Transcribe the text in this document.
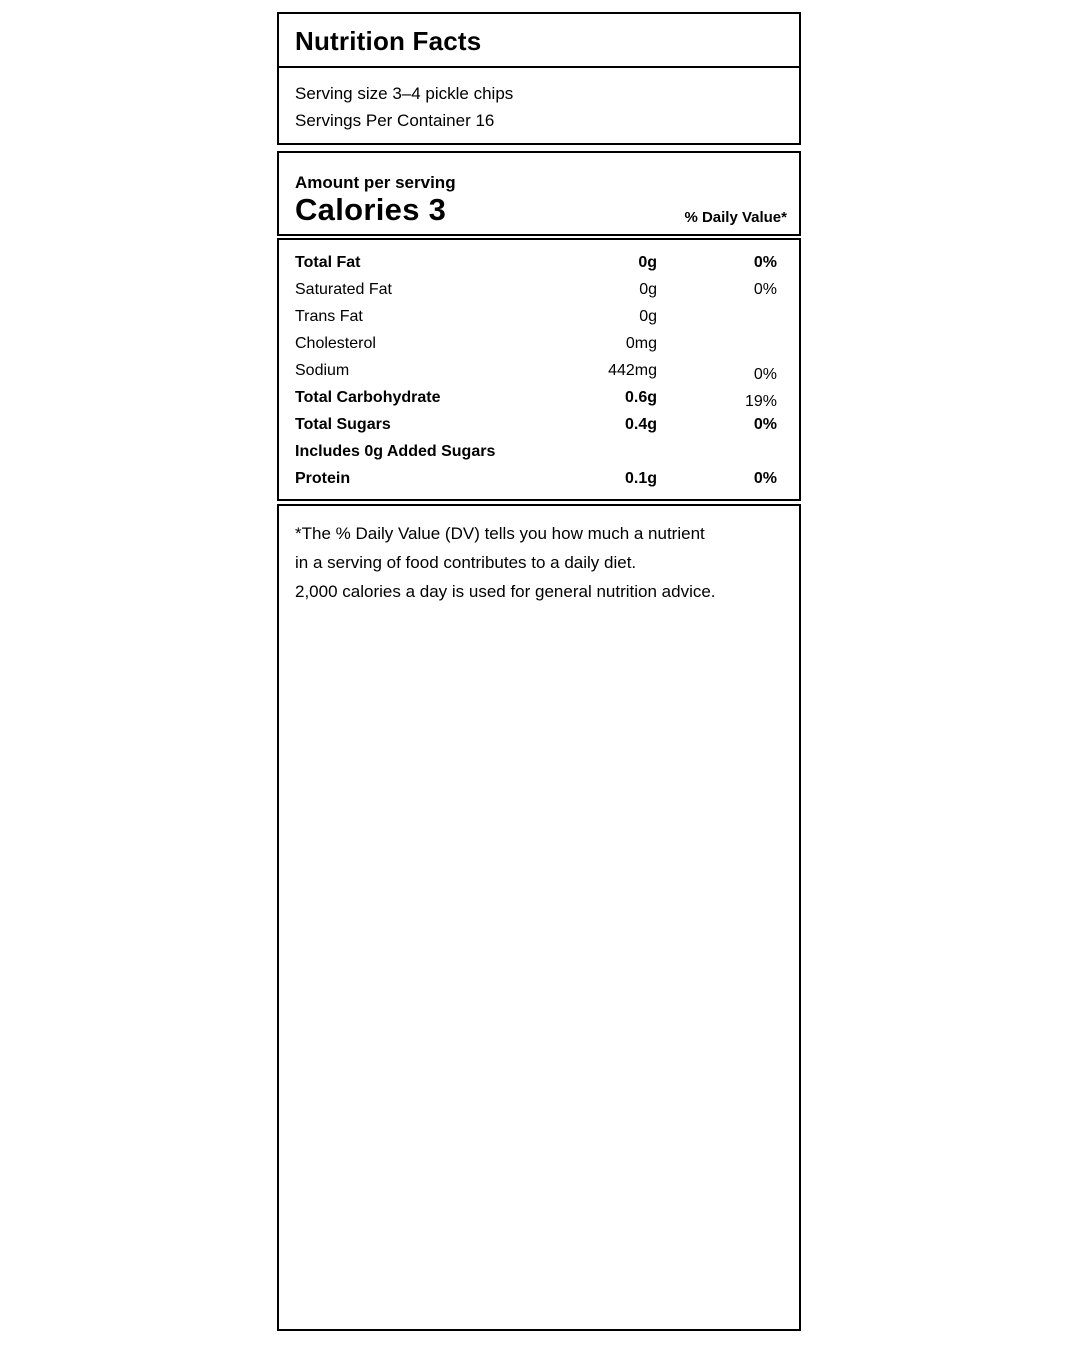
Nutrition Facts
Serving size 3–4 pickle chips
Servings Per Container 16
Amount per serving
Calories 3	% Daily Value*
Total Fat	0g	0%
Saturated Fat	0g	0%
Trans Fat	0g
Cholesterol	0mg
Sodium	442mg	0%
Total Carbohydrate	0.6g	19%
Total Sugars	0.4g	0%
Includes 0g Added Sugars
Protein	0.1g	0%
*The % Daily Value (DV) tells you how much a nutrient
in a serving of food contributes to a daily diet.
2,000 calories a day is used for general nutrition advice.
